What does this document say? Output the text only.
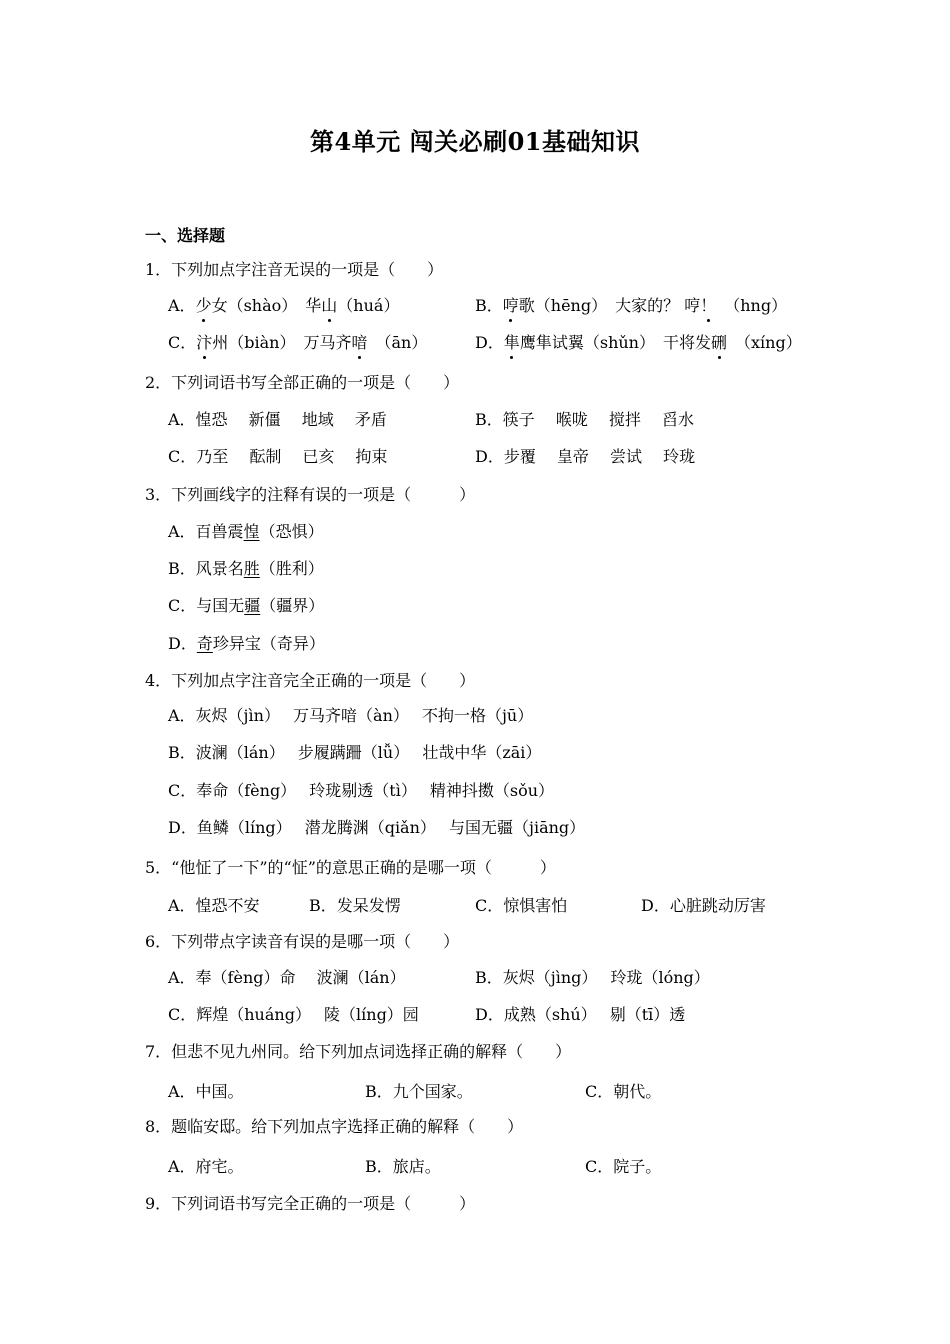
第4单元 闯关必刷01基础知识
一、选择题
1．下列加点字注音无误的一项是（　　）
A．少女（shào）　华山（huá）	B．哼歌（hēng）　大家的？ 哼！　（hng）
C．汴州（biàn）　万马齐喑　（ān）	D．隼鹰隼试翼（shǔn）　干将发硎　（xíng）
2．下列词语书写全部正确的一项是（　　）
A．惶恐　 新僵　 地域　 矛盾	B．筷子　 喉咙　 搅拌　 舀水
C．乃至　 酝制　 已亥　 拘束	D．步覆　 皇帝　 尝试　 玲珑
3．下列画线字的注释有误的一项是（　　　）
A．百兽震惶（恐惧）
B．风景名胜（胜利）
C．与国无疆（疆界）
D．奇珍异宝（奇异）
4．下列加点字注音完全正确的一项是（　　）
A．灰烬（jìn）　 万马齐喑（àn）　 不拘一格（jū）
B．波澜（lán）　 步履蹒跚（lǚ）　 壮哉中华（zāi）
C．奉命（fèng）　 玲珑剔透（tì）　 精神抖擞（sǒu）
D．鱼鳞（líng）　 潜龙腾渊（qiǎn）　 与国无疆（jiāng）
5．“他怔了一下”的“怔”的意思正确的是哪一项（　　　）
A．惶恐不安	B．发呆发愣	C．惊惧害怕	D．心脏跳动厉害
6．下列带点字读音有误的是哪一项（　　）
A．奉（fèng）命　 波澜（lán）	B．灰烬（jìng）　 玲珑（lóng）
C．辉煌（huáng）　 陵（líng）园	D．成熟（shú）　 剔（tī）透
7．但悲不见九州同。给下列加点词选择正确的解释（　　）
A．中国。	B．九个国家。	C．朝代。
8．题临安邸。给下列加点字选择正确的解释（　　）
A．府宅。	B．旅店。	C．院子。
9．下列词语书写完全正确的一项是（　　　）
